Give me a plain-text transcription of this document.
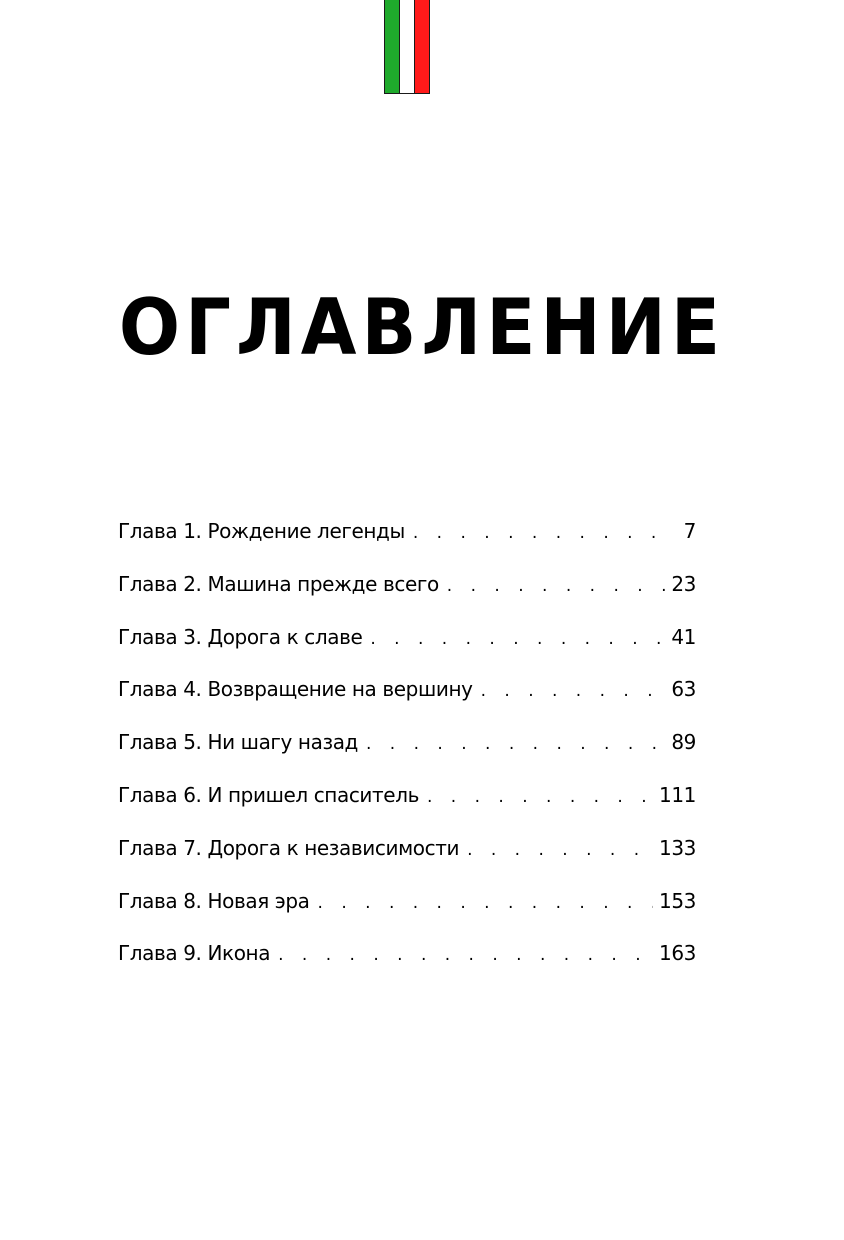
ОГЛАВЛЕНИЕ
Глава 1. Рождение легенды . . .	7
Глава 2. Машина прежде всего . . .	23
Глава 3. Дорога к славе . . .	41
Глава 4. Возвращение на вершину . . .	63
Глава 5. Ни шагу назад . . .	89
Глава 6. И пришел спаситель . . .	111
Глава 7. Дорога к независимости . . .	133
Глава 8. Новая эра . . .	153
Глава 9. Икона . . .	163
